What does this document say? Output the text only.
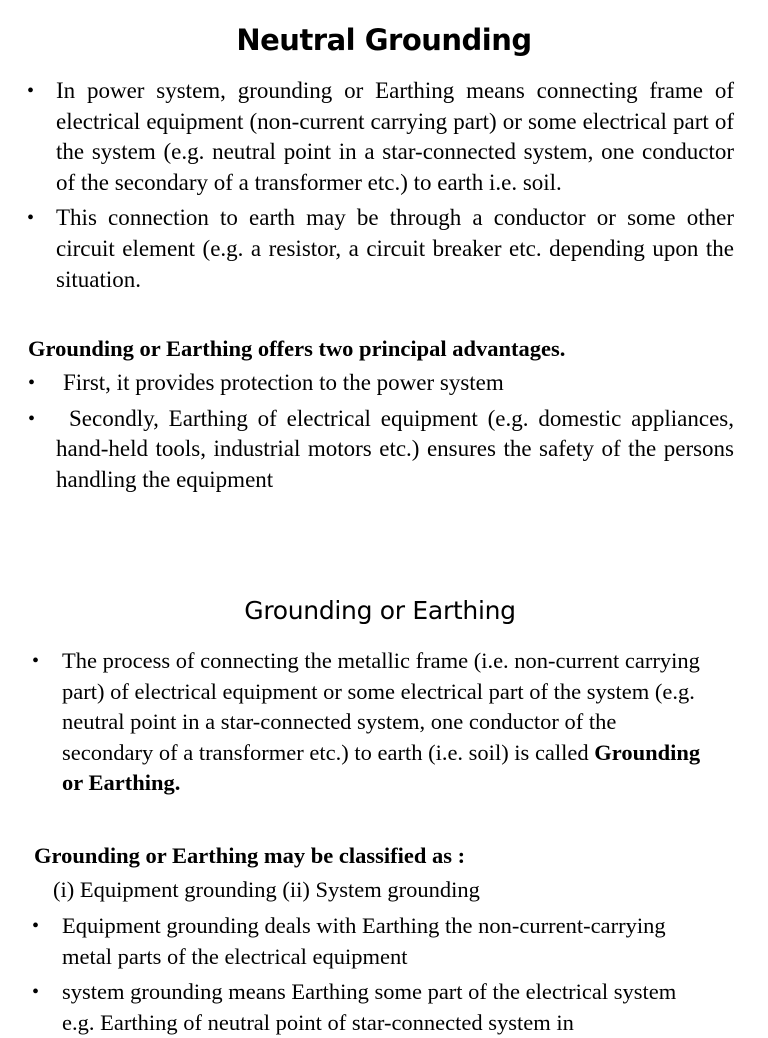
Neutral Grounding
• In power system, grounding or Earthing means connecting frame of electrical equipment (non-current carrying part) or some electrical part of the system (e.g. neutral point in a star-connected system, one conductor of the secondary of a transformer etc.) to earth i.e. soil.
• This connection to earth may be through a conductor or some other circuit element (e.g. a resistor, a circuit breaker etc. depending upon the situation.
Grounding or Earthing offers two principal advantages.
•	First, it provides protection to the power system
•	Secondly, Earthing of electrical equipment (e.g. domestic appliances, hand-held tools, industrial motors etc.) ensures the safety of the persons handling the equipment
Grounding or Earthing
• The process of connecting the metallic frame (i.e. non-current carrying part) of electrical equipment or some electrical part of the system (e.g. neutral point in a star-connected system, one conductor of the secondary of a transformer etc.) to earth (i.e. soil) is called Grounding or Earthing.
Grounding or Earthing may be classified as :
(i) Equipment grounding (ii) System grounding
• Equipment grounding deals with Earthing the non-current-carrying metal parts of the electrical equipment
• system grounding means Earthing some part of the electrical system e.g. Earthing of neutral point of star-connected system in
